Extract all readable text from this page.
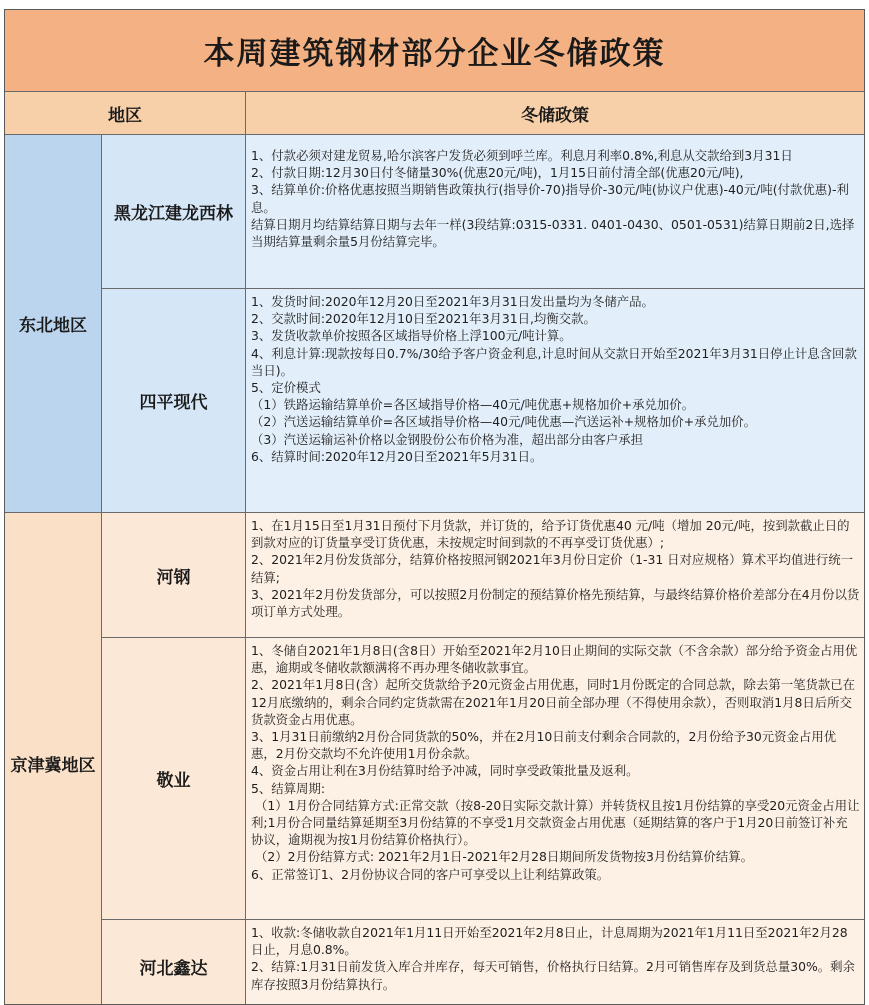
本周建筑钢材部分企业冬储政策
地区	冬储政策
东北地区
黑龙江建龙西林
1、付款必须对建龙贸易,哈尔滨客户发货必须到呼兰库。利息月利率0.8%,利息从交款给到3月31日
2、付款日期:12月30日付冬储量30%(优惠20元/吨)，1月15日前付清全部(优惠20元/吨),
3、结算单价:价格优惠按照当期销售政策执行(指导价-70)指导价-30元/吨(协议户优惠)-40元/吨(付款优惠)-利息。
结算日期月均结算结算日期与去年一样(3段结算:0315-0331. 0401-0430、0501-0531)结算日期前2日,选择当期结算量剩余量5月份结算完毕。
四平现代
1、发货时间:2020年12月20日至2021年3月31日发出量均为冬储产品。
2、交款时间:2020年12月10日至2021年3月31日,均衡交款。
3、发货收款单价按照各区域指导价格上浮100元/吨计算。
4、利息计算:现款按每日0.7%/30给予客户资金利息,计息时间从交款日开始至2021年3月31日停止计息含回款当日)。
5、定价模式
（1）铁路运输结算单价=各区域指导价格—40元/吨优惠+规格加价+承兑加价。
（2）汽送运输结算单价=各区域指导价格—40元/吨优惠—汽送运补+规格加价+承兑加价。
（3）汽送运输运补价格以金钢股份公布价格为准，超出部分由客户承担
6、结算时间:2020年12月20日至2021年5月31日。
京津冀地区
河钢
1、在1月15日至1月31日预付下月货款，并订货的，给予订货优惠40 元/吨（增加 20元/吨，按到款截止日的到款对应的订货量享受订货优惠，未按规定时间到款的不再享受订货优惠）;
2、2021年2月份发货部分，结算价格按照河钢2021年3月份日定价（1-31 日对应规格）算术平均值进行统一结算;
3、2021年2月份发货部分，可以按照2月份制定的预结算价格先预结算，与最终结算价格价差部分在4月份以货项订单方式处理。
敬业
1、冬储自2021年1月8日(含8日）开始至2021年2月10日止期间的实际交款（不含余款）部分给予资金占用优惠，逾期或冬储收款额满将不再办理冬储收款事宜。
2、2021年1月8日(含）起所交货款给予20元资金占用优惠，同时1月份既定的合同总款，除去第一笔货款已在12月底缴纳的，剩余合同约定货款需在2021年1月20日前全部办理（不得使用余款），否则取消1月8日后所交货款资金占用优惠。
3、1月31日前缴纳2月份合同货款的50%，并在2月10日前支付剩余合同款的，2月份给予30元资金占用优惠，2月份交款均不允许使用1月份余款。
4、资金占用让利在3月份结算时给予冲减，同时享受政策批量及返利。
5、结算周期:
（1）1月份合同结算方式:正常交款（按8-20日实际交款计算）并转货权且按1月份结算的享受20元资金占用让利;1月份合同量结算延期至3月份结算的不享受1月交款资金占用优惠（延期结算的客户于1月20日前签订补充协议，逾期视为按1月份结算价格执行）。
（2）2月份结算方式: 2021年2月1日-2021年2月28日期间所发货物按3月份结算价结算。
6、正常签订1、2月份协议合同的客户可享受以上让利结算政策。
河北鑫达
1、收款:冬储收款自2021年1月11日开始至2021年2月8日止，计息周期为2021年1月11日至2021年2月28日止，月息0.8%。
2、结算:1月31日前发货入库合并库存，每天可销售，价格执行日结算。2月可销售库存及到货总量30%。剩余库存按照3月份结算执行。
